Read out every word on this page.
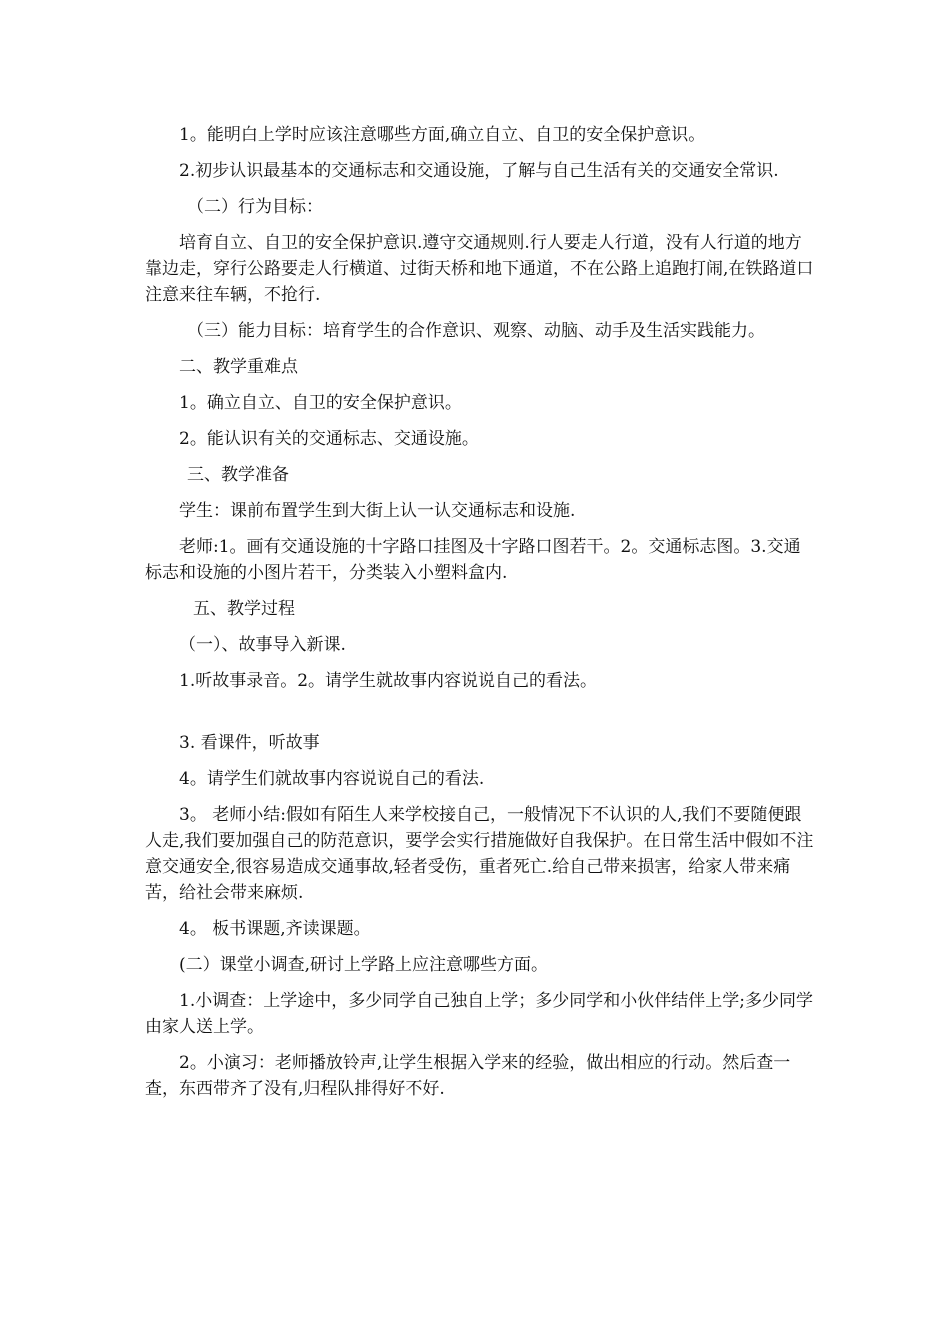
1。能明白上学时应该注意哪些方面,确立自立、自卫的安全保护意识。

2.初步认识最基本的交通标志和交通设施，了解与自己生活有关的交通安全常识.

（二）行为目标：

培育自立、自卫的安全保护意识.遵守交通规则.行人要走人行道，没有人行道的地方靠边走，穿行公路要走人行横道、过街天桥和地下通道，不在公路上追跑打闹,在铁路道口注意来往车辆，不抢行.

（三）能力目标：培育学生的合作意识、观察、动脑、动手及生活实践能力。

二、教学重难点

1。确立自立、自卫的安全保护意识。

2。能认识有关的交通标志、交通设施。

三、教学准备

学生：课前布置学生到大街上认一认交通标志和设施.

老师:1。画有交通设施的十字路口挂图及十字路口图若干。2。交通标志图。3.交通标志和设施的小图片若干，分类装入小塑料盒内.

五、教学过程

（一）、故事导入新课.

1.听故事录音。2。请学生就故事内容说说自己的看法。

3. 看课件，听故事

4。请学生们就故事内容说说自己的看法.

3。 老师小结:假如有陌生人来学校接自己，一般情况下不认识的人,我们不要随便跟人走,我们要加强自己的防范意识，要学会实行措施做好自我保护。在日常生活中假如不注意交通安全,很容易造成交通事故,轻者受伤，重者死亡.给自己带来损害，给家人带来痛苦，给社会带来麻烦.

4。 板书课题,齐读课题。

(二）课堂小调查,研讨上学路上应注意哪些方面。

1.小调查：上学途中，多少同学自己独自上学；多少同学和小伙伴结伴上学;多少同学由家人送上学。

2。小演习：老师播放铃声,让学生根据入学来的经验，做出相应的行动。然后查一查，东西带齐了没有,归程队排得好不好.
